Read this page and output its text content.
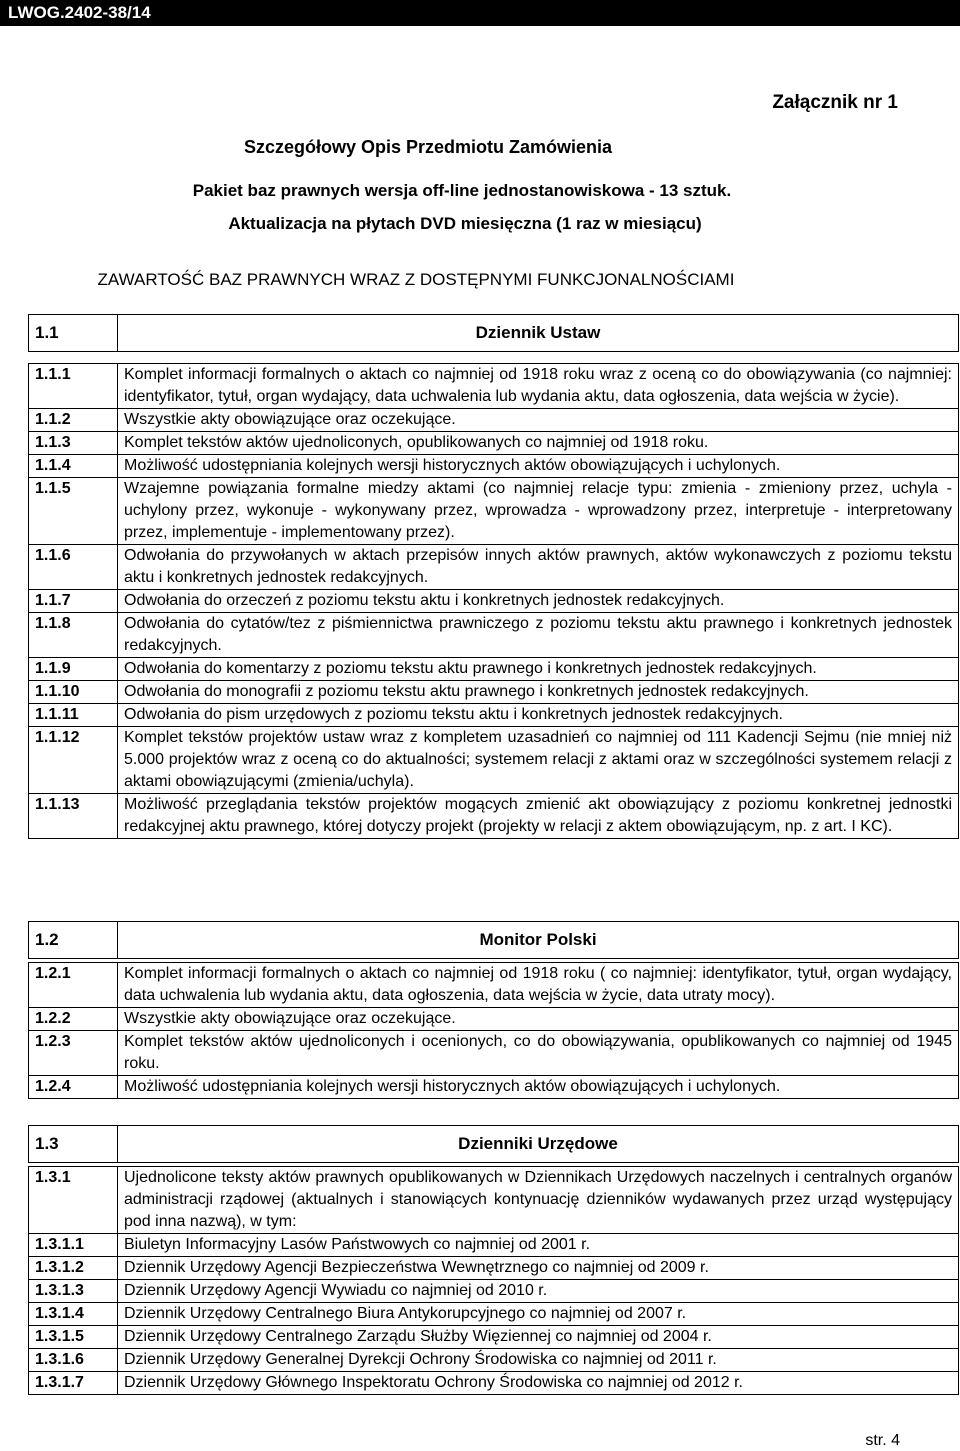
LWOG.2402-38/14
Załącznik nr 1
Szczegółowy Opis Przedmiotu Zamówienia
Pakiet baz prawnych wersja off-line jednostanowiskowa - 13 sztuk.
Aktualizacja na płytach DVD miesięczna (1 raz w miesiącu)
ZAWARTOŚĆ BAZ PRAWNYCH WRAZ Z DOSTĘPNYMI FUNKCJONALNOŚCIAMI
1.1	Dziennik Ustaw
1.1.1	Komplet informacji formalnych o aktach co najmniej od 1918 roku wraz z oceną co do obowiązywania (co najmniej: identyfikator, tytuł, organ wydający, data uchwalenia lub wydania aktu, data ogłoszenia, data wejścia w życie).
1.1.2	Wszystkie akty obowiązujące oraz oczekujące.
1.1.3	Komplet tekstów aktów ujednoliconych, opublikowanych co najmniej od 1918 roku.
1.1.4	Możliwość udostępniania kolejnych wersji historycznych aktów obowiązujących i uchylonych.
1.1.5	Wzajemne powiązania formalne miedzy aktami (co najmniej relacje typu: zmienia - zmieniony przez, uchyla - uchylony przez, wykonuje - wykonywany przez, wprowadza - wprowadzony przez, interpretuje - interpretowany przez, implementuje - implementowany przez).
1.1.6	Odwołania do przywołanych w aktach przepisów innych aktów prawnych, aktów wykonawczych z poziomu tekstu aktu i konkretnych jednostek redakcyjnych.
1.1.7	Odwołania do orzeczeń z poziomu tekstu aktu i konkretnych jednostek redakcyjnych.
1.1.8	Odwołania do cytatów/tez z piśmiennictwa prawniczego z poziomu tekstu aktu prawnego i konkretnych jednostek redakcyjnych.
1.1.9	Odwołania do komentarzy z poziomu tekstu aktu prawnego i konkretnych jednostek redakcyjnych.
1.1.10	Odwołania do monografii z poziomu tekstu aktu prawnego i konkretnych jednostek redakcyjnych.
1.1.11	Odwołania do pism urzędowych z poziomu tekstu aktu i konkretnych jednostek redakcyjnych.
1.1.12	Komplet tekstów projektów ustaw wraz z kompletem uzasadnień co najmniej od 111 Kadencji Sejmu (nie mniej niż 5.000 projektów wraz z oceną co do aktualności; systemem relacji z aktami oraz w szczególności systemem relacji z aktami obowiązującymi (zmienia/uchyla).
1.1.13	Możliwość przeglądania tekstów projektów mogących zmienić akt obowiązujący z poziomu konkretnej jednostki redakcyjnej aktu prawnego, której dotyczy projekt (projekty w relacji z aktem obowiązującym, np. z art. I KC).
1.2	Monitor Polski
1.2.1	Komplet informacji formalnych o aktach co najmniej od 1918 roku ( co najmniej: identyfikator, tytuł, organ wydający, data uchwalenia lub wydania aktu, data ogłoszenia, data wejścia w życie, data utraty mocy).
1.2.2	Wszystkie akty obowiązujące oraz oczekujące.
1.2.3	Komplet tekstów aktów ujednoliconych i ocenionych, co do obowiązywania, opublikowanych co najmniej od 1945 roku.
1.2.4	Możliwość udostępniania kolejnych wersji historycznych aktów obowiązujących i uchylonych.
1.3	Dzienniki Urzędowe
1.3.1	Ujednolicone teksty aktów prawnych opublikowanych w Dziennikach Urzędowych naczelnych i centralnych organów administracji rządowej (aktualnych i stanowiących kontynuację dzienników wydawanych przez urząd występujący pod inna nazwą), w tym:
1.3.1.1	Biuletyn Informacyjny Lasów Państwowych co najmniej od 2001 r.
1.3.1.2	Dziennik Urzędowy Agencji Bezpieczeństwa Wewnętrznego co najmniej od 2009 r.
1.3.1.3	Dziennik Urzędowy Agencji Wywiadu co najmniej od 2010 r.
1.3.1.4	Dziennik Urzędowy Centralnego Biura Antykorupcyjnego co najmniej od 2007 r.
1.3.1.5	Dziennik Urzędowy Centralnego Zarządu Służby Więziennej co najmniej od 2004 r.
1.3.1.6	Dziennik Urzędowy Generalnej Dyrekcji Ochrony Środowiska co najmniej od 2011 r.
1.3.1.7	Dziennik Urzędowy Głównego Inspektoratu Ochrony Środowiska co najmniej od 2012 r.
str. 4
